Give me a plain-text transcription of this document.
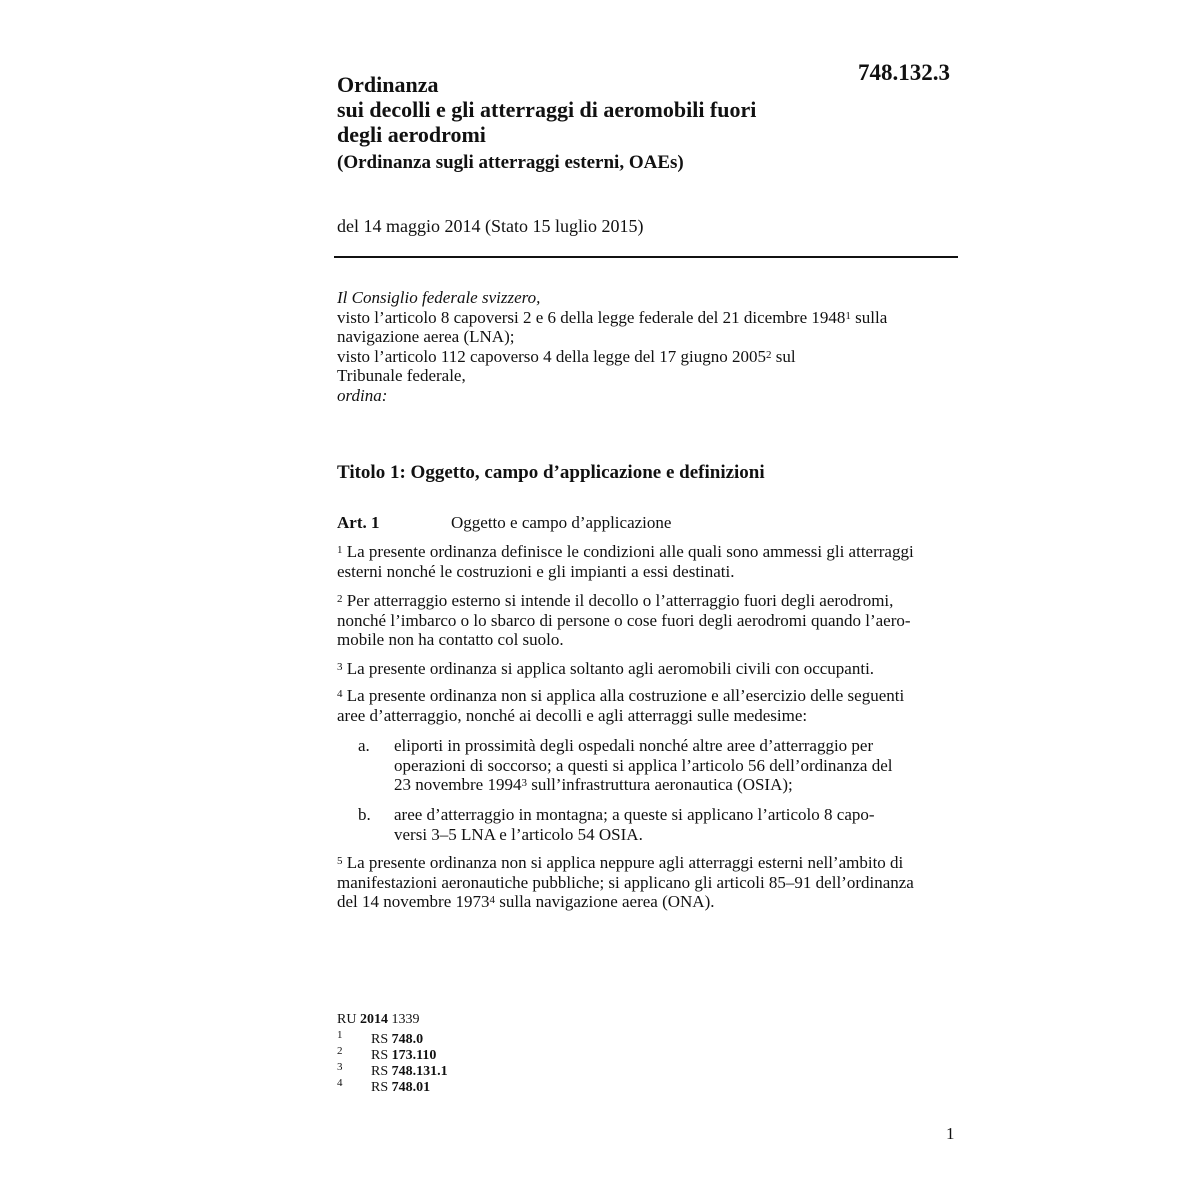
748.132.3
Ordinanza
sui decolli e gli atterraggi di aeromobili fuori
degli aerodromi
(Ordinanza sugli atterraggi esterni, OAEs)
del 14 maggio 2014 (Stato 15 luglio 2015)
Il Consiglio federale svizzero,
visto l’articolo 8 capoversi 2 e 6 della legge federale del 21 dicembre 1948$^1$ sulla
navigazione aerea (LNA);
visto l’articolo 112 capoverso 4 della legge del 17 giugno 2005$^2$ sul
Tribunale federale,
ordina:
Titolo 1: Oggetto, campo d’applicazione e definizioni
Art. 1	Oggetto e campo d’applicazione
$^1$ La presente ordinanza definisce le condizioni alle quali sono ammessi gli atterraggi
esterni nonché le costruzioni e gli impianti a essi destinati.
$^2$ Per atterraggio esterno si intende il decollo o l’atterraggio fuori degli aerodromi,
nonché l’imbarco o lo sbarco di persone o cose fuori degli aerodromi quando l’aero-
mobile non ha contatto col suolo.
$^3$ La presente ordinanza si applica soltanto agli aeromobili civili con occupanti.
$^4$ La presente ordinanza non si applica alla costruzione e all’esercizio delle seguenti
aree d’atterraggio, nonché ai decolli e agli atterraggi sulle medesime:
a. eliporti in prossimità degli ospedali nonché altre aree d’atterraggio per
operazioni di soccorso; a questi si applica l’articolo 56 dell’ordinanza del
23 novembre 1994$^3$ sull’infrastruttura aeronautica (OSIA);
b. aree d’atterraggio in montagna; a queste si applicano l’articolo 8 capo-
versi 3–5 LNA e l’articolo 54 OSIA.
$^5$ La presente ordinanza non si applica neppure agli atterraggi esterni nell’ambito di
manifestazioni aeronautiche pubbliche; si applicano gli articoli 85–91 dell’ordinanza
del 14 novembre 1973$^4$ sulla navigazione aerea (ONA).
RU 2014 1339
1 RS 748.0
2 RS 173.110
3 RS 748.131.1
4 RS 748.01
1
